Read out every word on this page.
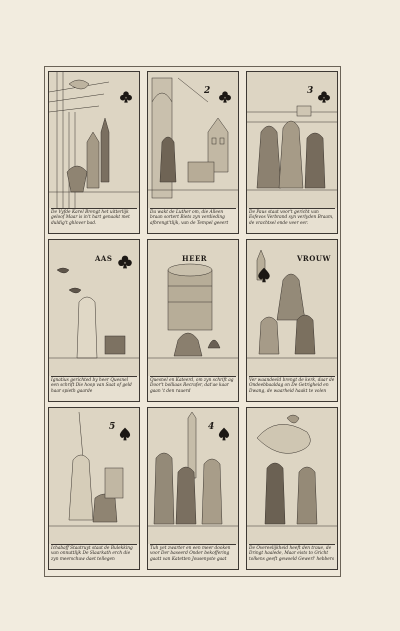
De Vyfde Karel Brengt het uitterlijk geloof Maar is in't hart genaakt met duldig't ghlover bad.
2
Da wakt de Luther om, die Alleen braan sortert Biets zyn verdieding afbrengt'tlijk, van de Tempel geeert
3
De Paus staat voor't gericht van Esfevos Verbrand syn verlyden Braam, de vrachtsel ende veer eer.
AAS
Ignatius gerichted by heer Quesnel een schrift Die hoop van Saat of geld haar spieth gaarde
HEER
Quesnel en Kateerd, om zyn schrift ag Door't bolliaas Recrafer, dat'ae kaar gaan 't den rauerd
VROUW
Ver waandeeld brengt de kerk, daar de Ondeebbaaldag on De Getrigheid en Dwang, de waarheid haakt te volen
5
Ichabaff Staatruyt staat de Bulekking van onnuttlijk De Slaarkath erch die zyn meerschuw daet tellegen
4
Tuh yet zwarter en een meer dooken voor Der baseerd Onder bekoffering gaatt van Katetten Jousenyste gaat
De Overeelijkheid heeft den traue, de Dringt haalede, Maar eists to Gricht tolkens geeft gewoeld Gewerl' hebbers
